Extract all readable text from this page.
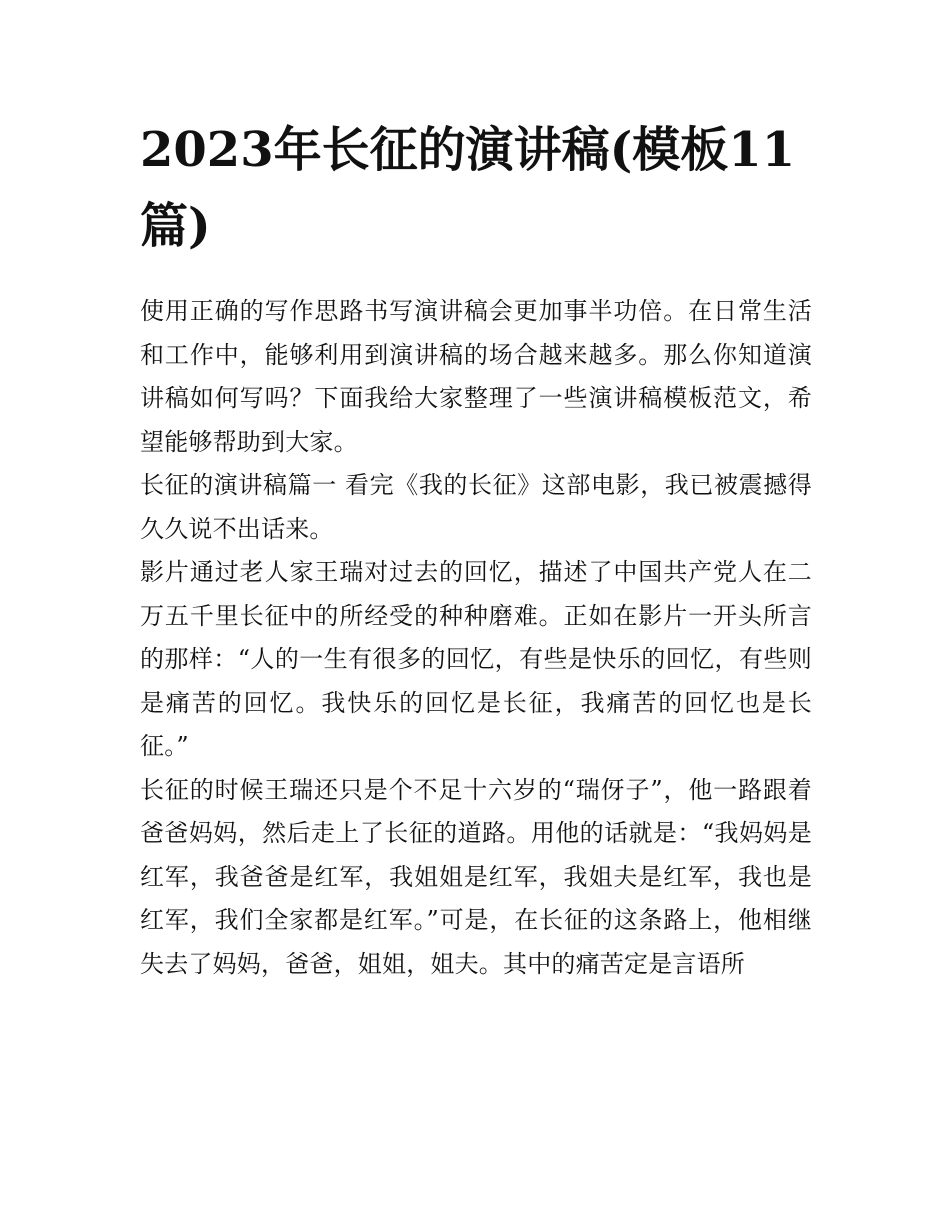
2023年长征的演讲稿(模板11篇)

使用正确的写作思路书写演讲稿会更加事半功倍。在日常生活和工作中，能够利用到演讲稿的场合越来越多。那么你知道演讲稿如何写吗？下面我给大家整理了一些演讲稿模板范文，希望能够帮助到大家。

长征的演讲稿篇一 看完《我的长征》这部电影，我已被震撼得久久说不出话来。

影片通过老人家王瑞对过去的回忆，描述了中国共产党人在二万五千里长征中的所经受的种种磨难。正如在影片一开头所言的那样：“人的一生有很多的回忆，有些是快乐的回忆，有些则是痛苦的回忆。我快乐的回忆是长征，我痛苦的回忆也是长征。”

长征的时候王瑞还只是个不足十六岁的“瑞伢子”，他一路跟着爸爸妈妈，然后走上了长征的道路。用他的话就是：“我妈妈是红军，我爸爸是红军，我姐姐是红军，我姐夫是红军，我也是红军，我们全家都是红军。”可是，在长征的这条路上，他相继失去了妈妈，爸爸，姐姐，姐夫。其中的痛苦定是言语所
